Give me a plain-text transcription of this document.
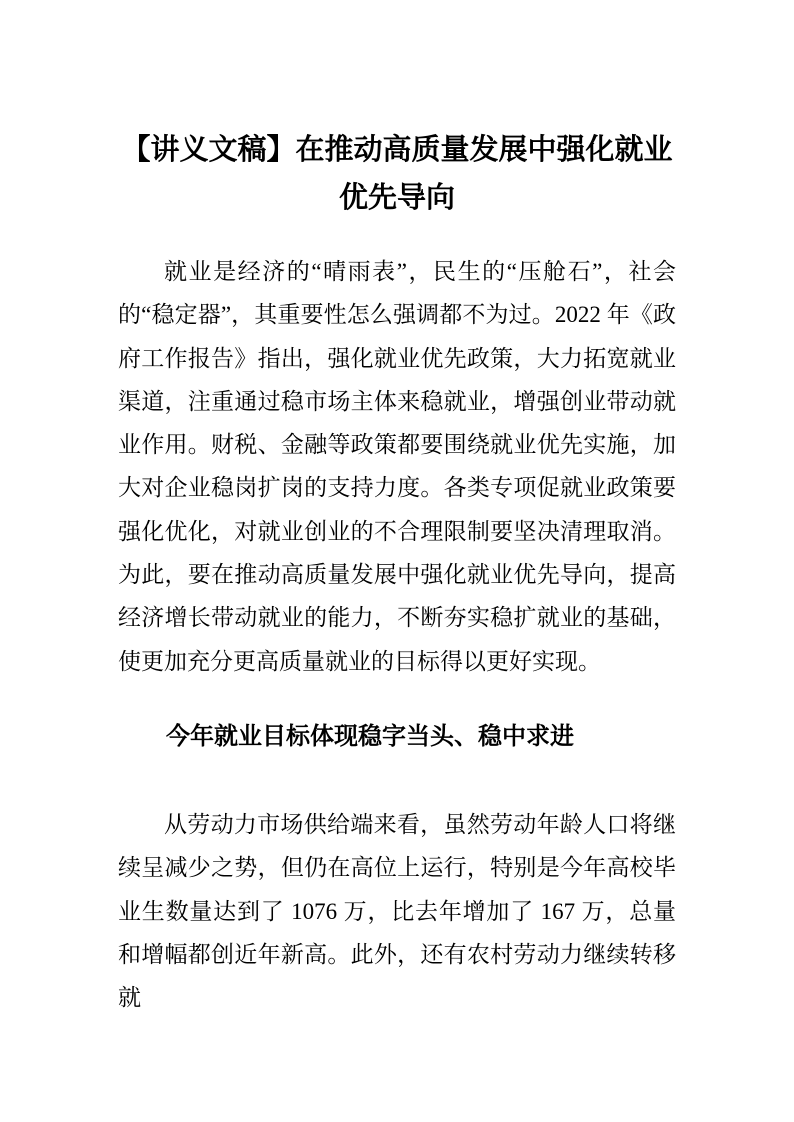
【讲义文稿】在推动高质量发展中强化就业优先导向

就业是经济的“晴雨表”，民生的“压舱石”，社会的“稳定器”，其重要性怎么强调都不为过。2022 年《政府工作报告》指出，强化就业优先政策，大力拓宽就业渠道，注重通过稳市场主体来稳就业，增强创业带动就业作用。财税、金融等政策都要围绕就业优先实施，加大对企业稳岗扩岗的支持力度。各类专项促就业政策要强化优化，对就业创业的不合理限制要坚决清理取消。为此，要在推动高质量发展中强化就业优先导向，提高经济增长带动就业的能力，不断夯实稳扩就业的基础，使更加充分更高质量就业的目标得以更好实现。

今年就业目标体现稳字当头、稳中求进

从劳动力市场供给端来看，虽然劳动年龄人口将继续呈减少之势，但仍在高位上运行，特别是今年高校毕业生数量达到了 1076 万，比去年增加了 167 万，总量和增幅都创近年新高。此外，还有农村劳动力继续转移就
